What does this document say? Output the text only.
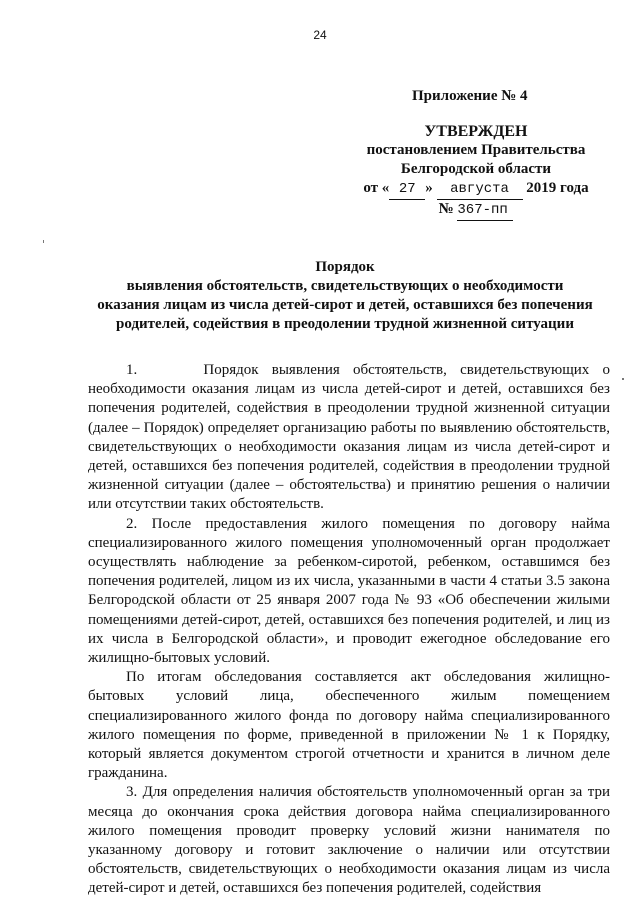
24
Приложение № 4
УТВЕРЖДЕН
постановлением Правительства
Белгородской области
от « 27 » августа 2019 года
№ 367-пп
Порядок
выявления обстоятельств, свидетельствующих о необходимости
оказания лицам из числа детей-сирот и детей, оставшихся без попечения
родителей, содействия в преодолении трудной жизненной ситуации

1.     Порядок выявления обстоятельств, свидетельствующих о необходимости оказания лицам из числа детей-сирот и детей, оставшихся без попечения родителей, содействия в преодолении трудной жизненной ситуации (далее – Порядок) определяет организацию работы по выявлению обстоятельств, свидетельствующих о необходимости оказания лицам из числа детей-сирот и детей, оставшихся без попечения родителей, содействия в преодолении трудной жизненной ситуации (далее – обстоятельства) и принятию решения о наличии или отсутствии таких обстоятельств.

2. После предоставления жилого помещения по договору найма специализированного жилого помещения уполномоченный орган продолжает осуществлять наблюдение за ребенком-сиротой, ребенком, оставшимся без попечения родителей, лицом из их числа, указанными в части 4 статьи 3.5 закона Белгородской области от 25 января 2007 года № 93 «Об обеспечении жилыми помещениями детей-сирот, детей, оставшихся без попечения родителей, и лиц из их числа в Белгородской области», и проводит ежегодное обследование его жилищно-бытовых условий.

По итогам обследования составляется акт обследования жилищно-бытовых условий лица, обеспеченного жилым помещением специализированного жилого фонда по договору найма специализированного жилого помещения по форме, приведенной в приложении № 1 к Порядку, который является документом строгой отчетности и хранится в личном деле гражданина.

3. Для определения наличия обстоятельств уполномоченный орган за три месяца до окончания срока действия договора найма специализированного жилого помещения проводит проверку условий жизни нанимателя по указанному договору и готовит заключение о наличии или отсутствии обстоятельств, свидетельствующих о необходимости оказания лицам из числа детей-сирот и детей, оставшихся без попечения родителей, содействия
